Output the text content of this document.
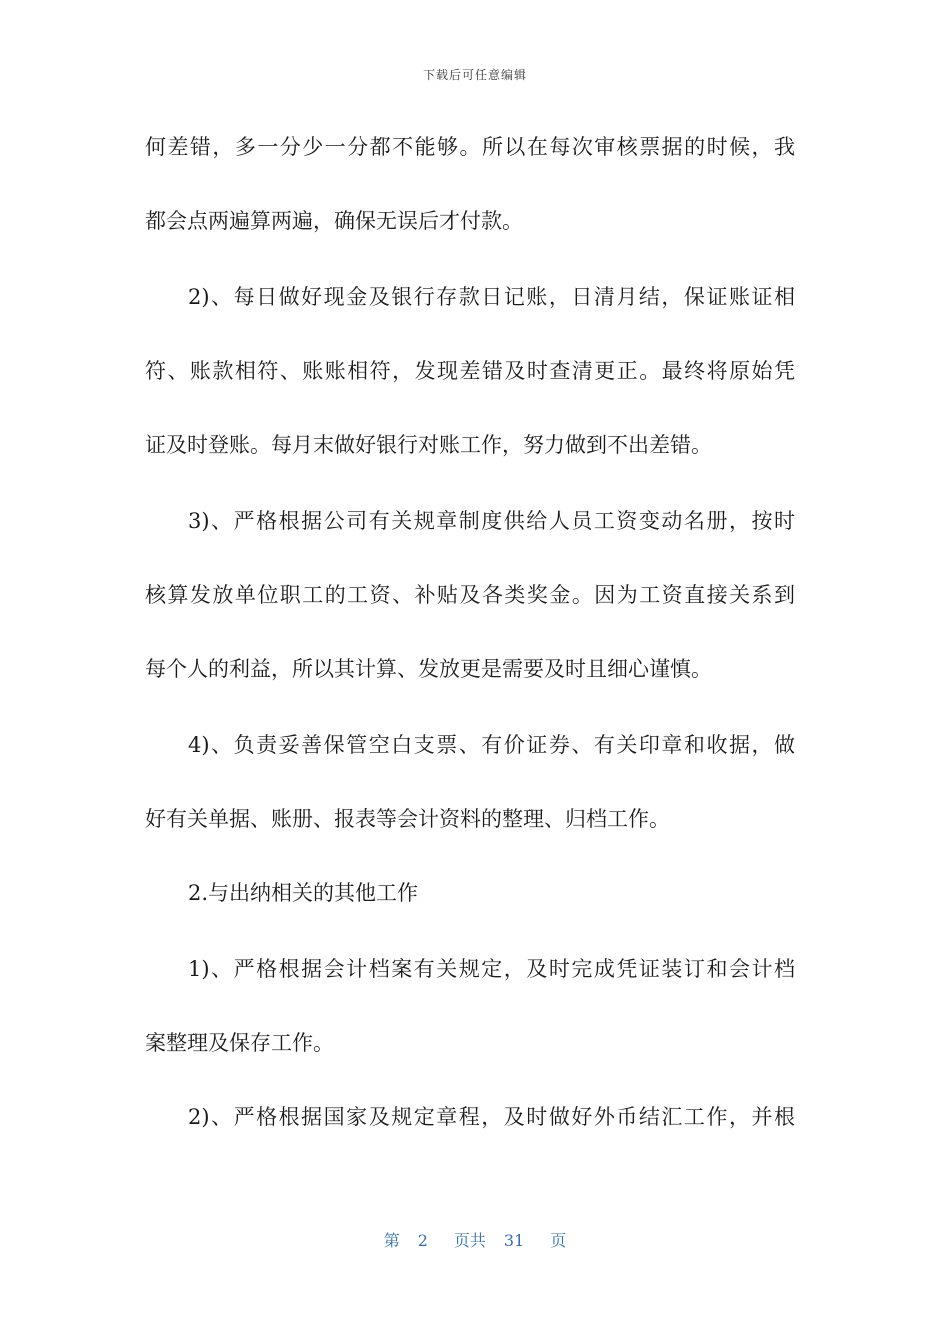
下载后可任意编辑
何差错，多一分少一分都不能够。所以在每次审核票据的时候，我
都会点两遍算两遍，确保无误后才付款。
2)、每日做好现金及银行存款日记账，日清月结，保证账证相
符、账款相符、账账相符，发现差错及时查清更正。最终将原始凭
证及时登账。每月末做好银行对账工作，努力做到不出差错。
3)、严格根据公司有关规章制度供给人员工资变动名册，按时
核算发放单位职工的工资、补贴及各类奖金。因为工资直接关系到
每个人的利益，所以其计算、发放更是需要及时且细心谨慎。
4)、负责妥善保管空白支票、有价证券、有关印章和收据，做
好有关单据、账册、报表等会计资料的整理、归档工作。
2.与出纳相关的其他工作
1)、严格根据会计档案有关规定，及时完成凭证装订和会计档
案整理及保存工作。
2)、严格根据国家及规定章程，及时做好外币结汇工作，并根
第 2 页共 31 页
